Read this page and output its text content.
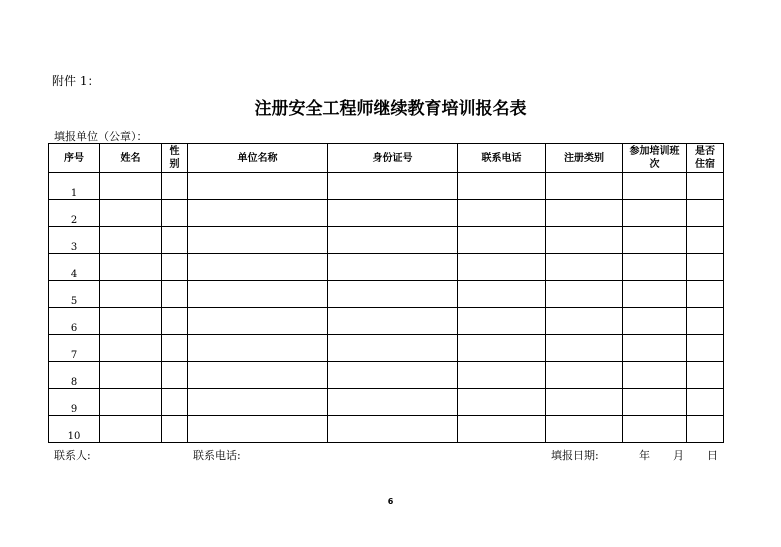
附件 1：
注册安全工程师继续教育培训报名表
填报单位（公章）：
序号	姓名	性别	单位名称	身份证号	联系电话	注册类别	参加培训班次	是否住宿
1								
2								
3								
4								
5								
6								
7								
8								
9								
10								
联系人:	联系电话:	填报日期:	年 月 日
6
